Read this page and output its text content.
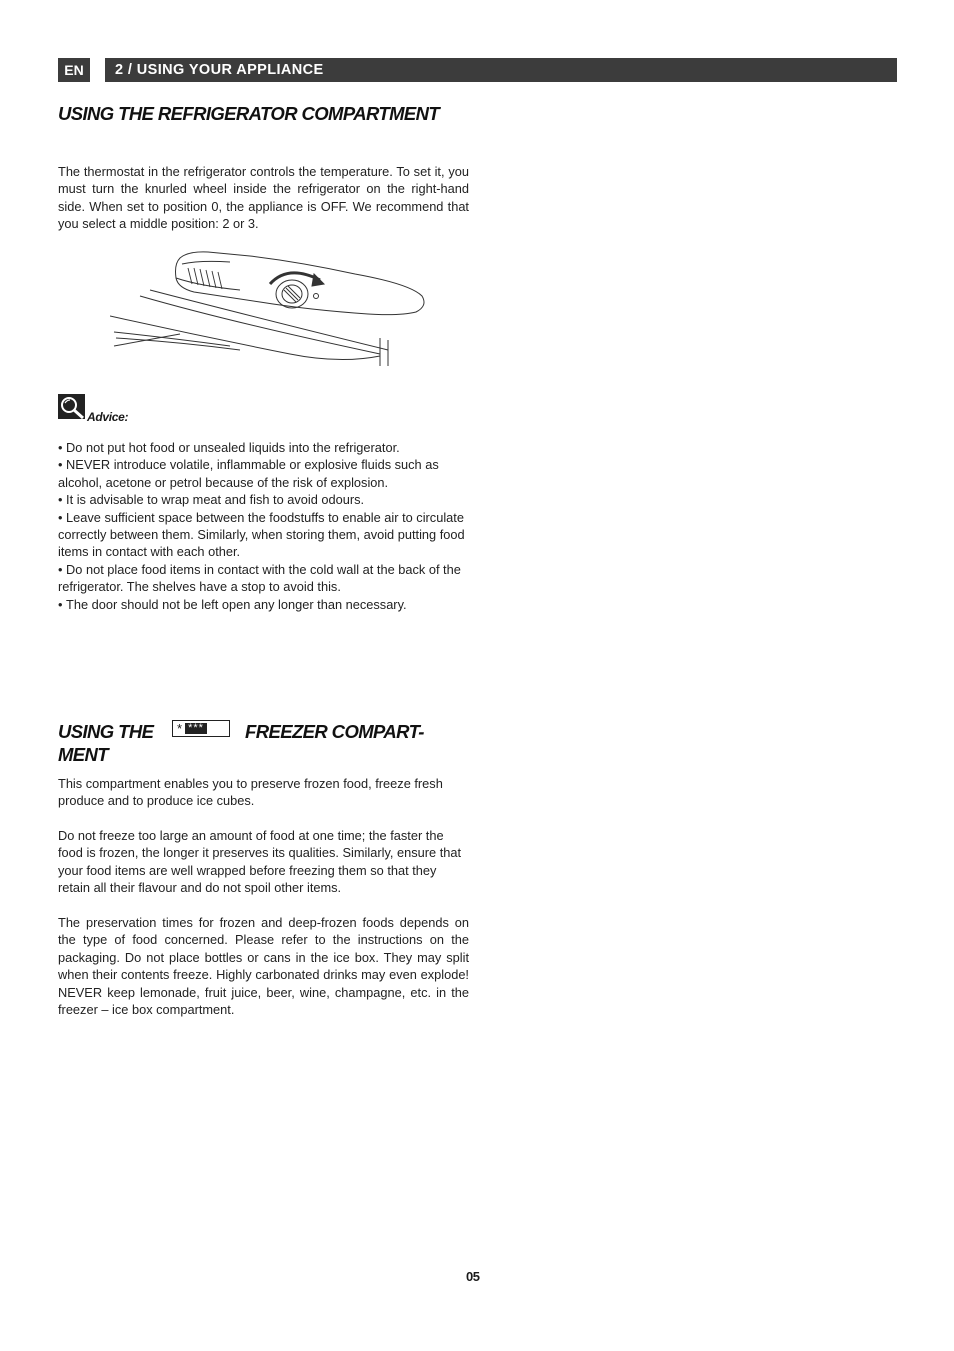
EN	2 / USING YOUR APPLIANCE
USING THE REFRIGERATOR COMPARTMENT

The thermostat in the refrigerator controls the temperature. To set it, you must turn the knurled wheel inside the refrigerator on the right-hand side. When set to position 0, the appliance is OFF. We recommend that you select a middle position: 2 or 3.

Advice:
• Do not put hot food or unsealed liquids into the refrigerator.
• NEVER introduce volatile, inflammable or explosive fluids such as alcohol, acetone or petrol because of the risk of explosion.
• It is advisable to wrap meat and fish to avoid odours.
• Leave sufficient space between the foodstuffs to enable air to circulate correctly between them. Similarly, when storing them, avoid putting food items in contact with each other.
• Do not place food items in contact with the cold wall at the back of the refrigerator. The shelves have a stop to avoid this.
• The door should not be left open any longer than necessary.
USING THE * *** FREEZER COMPART-
MENT

This compartment enables you to preserve frozen food, freeze fresh produce and to produce ice cubes.

Do not freeze too large an amount of food at one time; the faster the food is frozen, the longer it preserves its qualities. Similarly, ensure that your food items are well wrapped before freezing them so that they retain all their flavour and do not spoil other items.

The preservation times for frozen and deep-frozen foods depends on the type of food concerned. Please refer to the instructions on the packaging. Do not place bottles or cans in the ice box. They may split when their contents freeze. Highly carbonated drinks may even explode! NEVER keep lemonade, fruit juice, beer, wine, champagne, etc. in the freezer – ice box compartment.

05
